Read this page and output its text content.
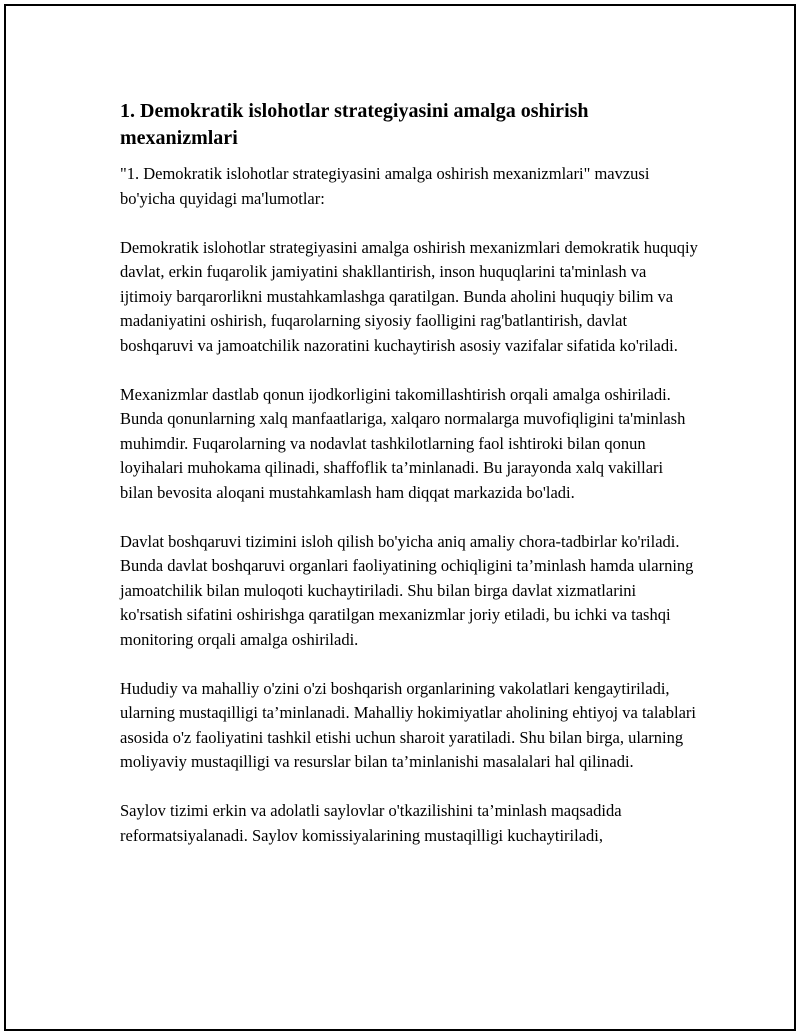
1. Demokratik islohotlar strategiyasini amalga oshirish mexanizmlari

"1. Demokratik islohotlar strategiyasini amalga oshirish mexanizmlari" mavzusi bo'yicha quyidagi ma'lumotlar:

Demokratik islohotlar strategiyasini amalga oshirish mexanizmlari demokratik huquqiy davlat, erkin fuqarolik jamiyatini shakllantirish, inson huquqlarini ta'minlash va ijtimoiy barqarorlikni mustahkamlashga qaratilgan. Bunda aholini huquqiy bilim va madaniyatini oshirish, fuqarolarning siyosiy faolligini rag'batlantirish, davlat boshqaruvi va jamoatchilik nazoratini kuchaytirish asosiy vazifalar sifatida ko'riladi.

Mexanizmlar dastlab qonun ijodkorligini takomillashtirish orqali amalga oshiriladi. Bunda qonunlarning xalq manfaatlariga, xalqaro normalarga muvofiqligini ta'minlash muhimdir. Fuqarolarning va nodavlat tashkilotlarning faol ishtiroki bilan qonun loyihalari muhokama qilinadi, shaffoflik ta’minlanadi. Bu jarayonda xalq vakillari bilan bevosita aloqani mustahkamlash ham diqqat markazida bo'ladi.

Davlat boshqaruvi tizimini isloh qilish bo'yicha aniq amaliy chora-tadbirlar ko'riladi. Bunda davlat boshqaruvi organlari faoliyatining ochiqligini ta’minlash hamda ularning jamoatchilik bilan muloqoti kuchaytiriladi. Shu bilan birga davlat xizmatlarini ko'rsatish sifatini oshirishga qaratilgan mexanizmlar joriy etiladi, bu ichki va tashqi monitoring orqali amalga oshiriladi.

Hududiy va mahalliy o'zini o'zi boshqarish organlarining vakolatlari kengaytiriladi, ularning mustaqilligi ta’minlanadi. Mahalliy hokimiyatlar aholining ehtiyoj va talablari asosida o'z faoliyatini tashkil etishi uchun sharoit yaratiladi. Shu bilan birga, ularning moliyaviy mustaqilligi va resurslar bilan ta’minlanishi masalalari hal qilinadi.

Saylov tizimi erkin va adolatli saylovlar o'tkazilishini ta’minlash maqsadida reformatsiyalanadi. Saylov komissiyalarining mustaqilligi kuchaytiriladi,
